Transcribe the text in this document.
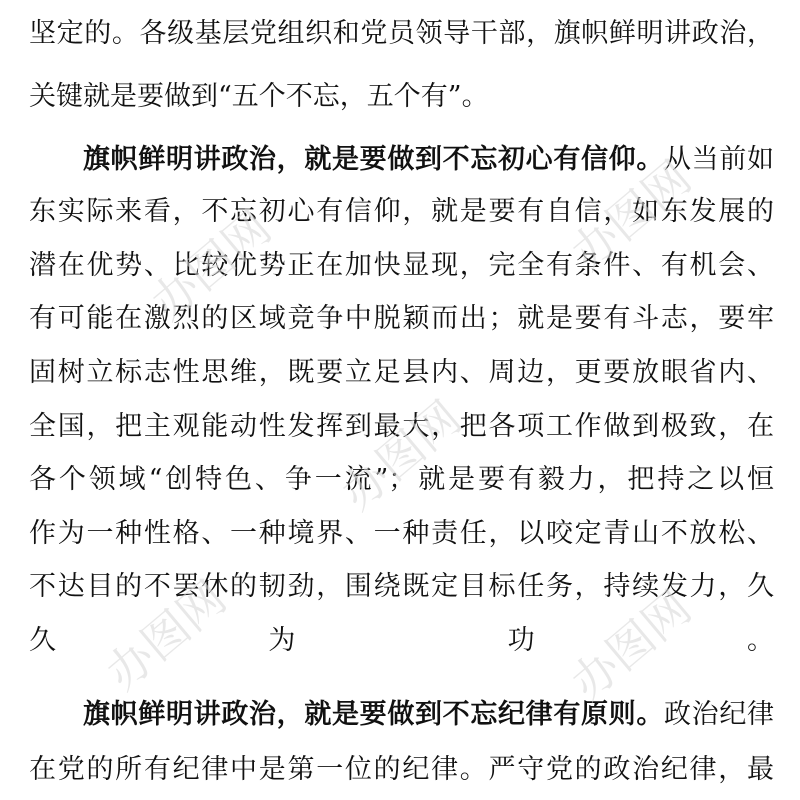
坚定的。各级基层党组织和党员领导干部，旗帜鲜明讲政治，
关键就是要做到“五个不忘，五个有”。
旗帜鲜明讲政治，就是要做到不忘初心有信仰。从当前如
东实际来看，不忘初心有信仰，就是要有自信，如东发展的
潜在优势、比较优势正在加快显现，完全有条件、有机会、
有可能在激烈的区域竞争中脱颖而出；就是要有斗志，要牢
固树立标志性思维，既要立足县内、周边，更要放眼省内、
全国，把主观能动性发挥到最大，把各项工作做到极致，在
各个领域“创特色、争一流”；就是要有毅力，把持之以恒
作为一种性格、一种境界、一种责任，以咬定青山不放松、
不达目的不罢休的韧劲，围绕既定目标任务，持续发力，久
久为功。
旗帜鲜明讲政治，就是要做到不忘纪律有原则。政治纪律
在党的所有纪律中是第一位的纪律。严守党的政治纪律，最
办图网	办图网
办图网
办图网	办图网
